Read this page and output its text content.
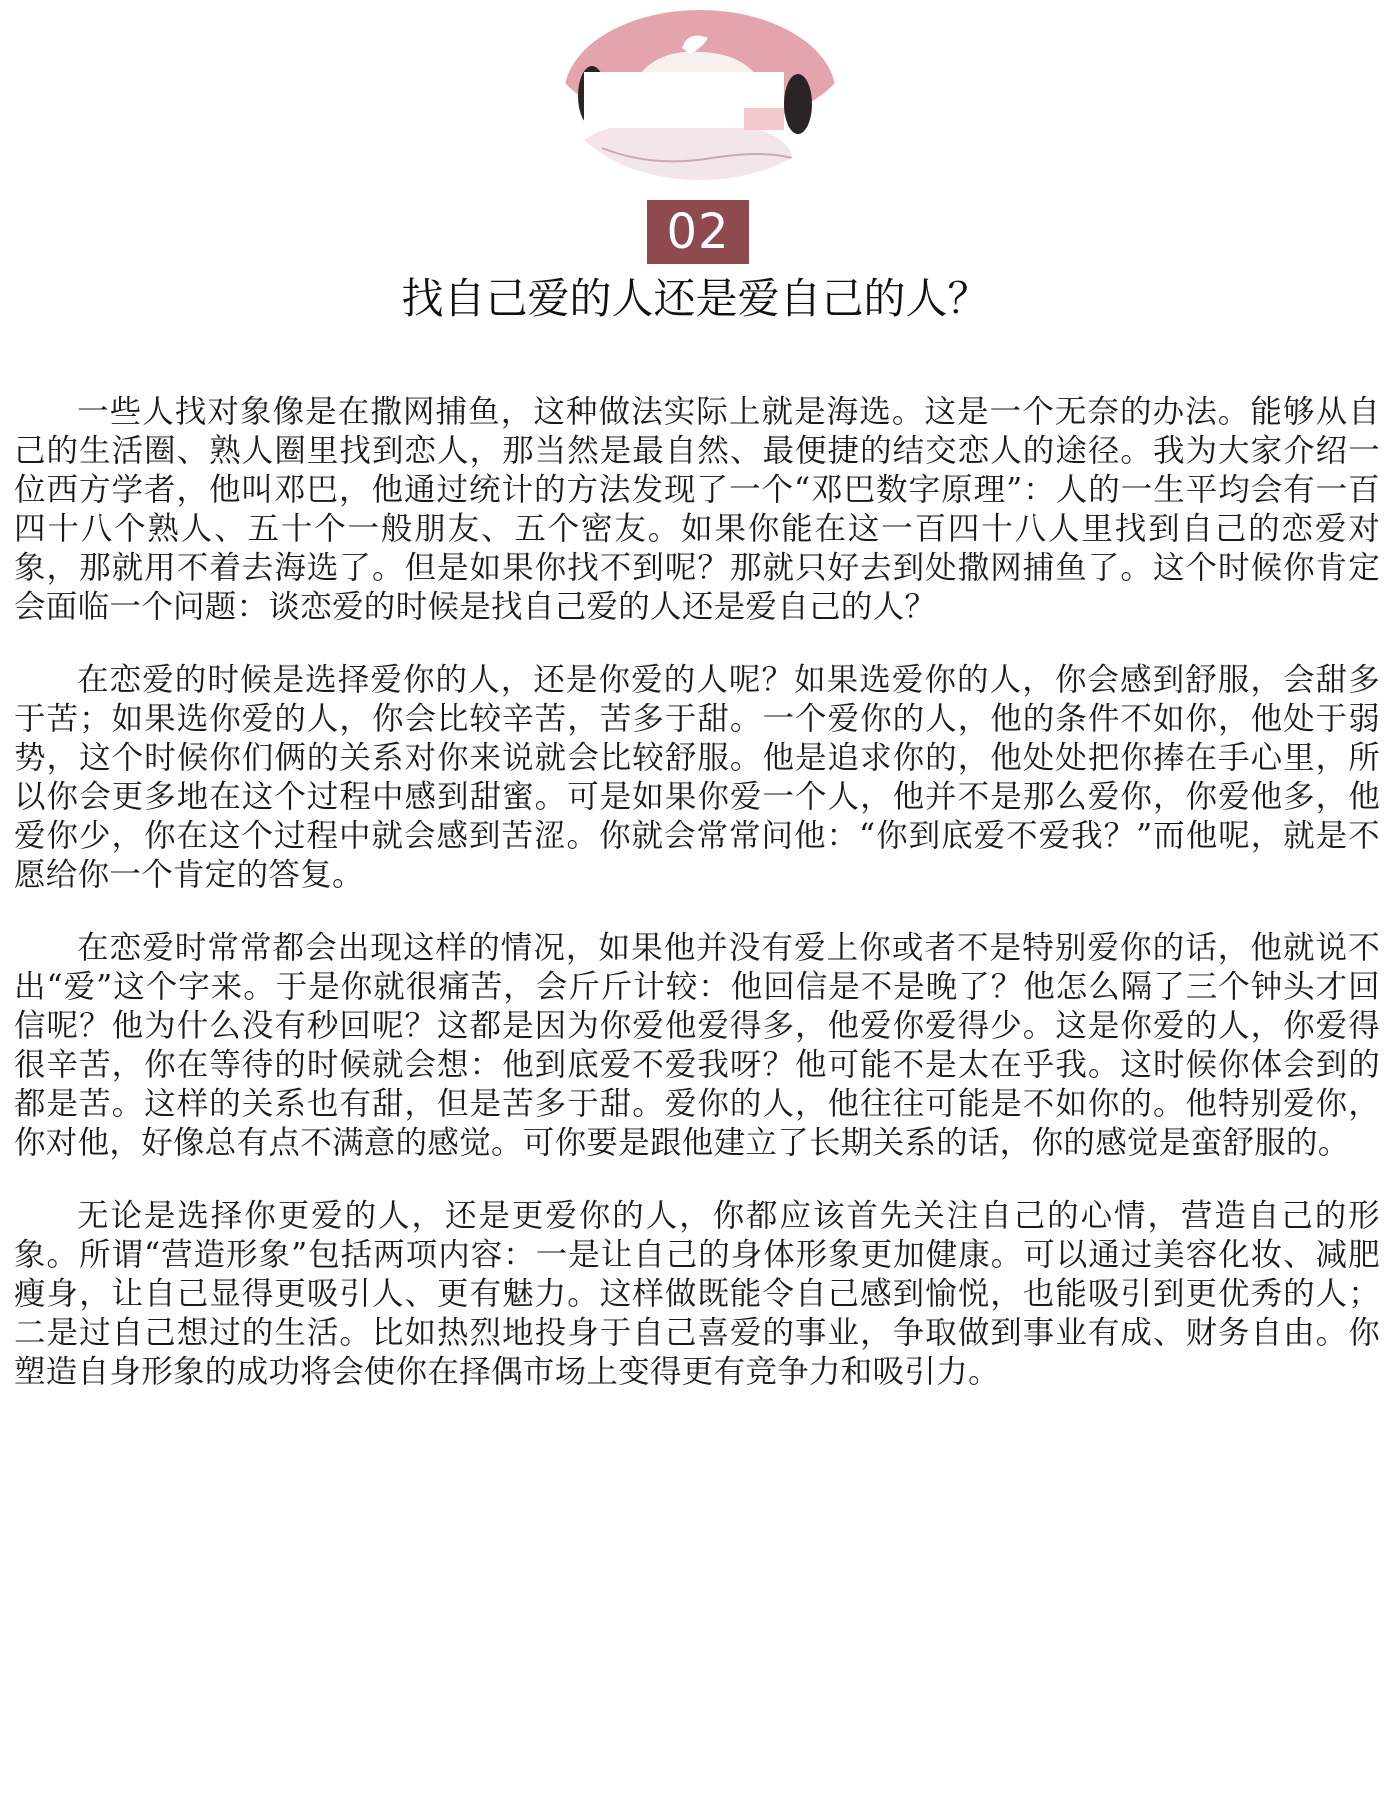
02
找自己爱的人还是爱自己的人？

一些人找对象像是在撒网捕鱼，这种做法实际上就是海选。这是一个无奈的办法。能够从自己的生活圈、熟人圈里找到恋人，那当然是最自然、最便捷的结交恋人的途径。我为大家介绍一位西方学者，他叫邓巴，他通过统计的方法发现了一个“邓巴数字原理”：人的一生平均会有一百四十八个熟人、五十个一般朋友、五个密友。如果你能在这一百四十八人里找到自己的恋爱对象，那就用不着去海选了。但是如果你找不到呢？那就只好去到处撒网捕鱼了。这个时候你肯定会面临一个问题：谈恋爱的时候是找自己爱的人还是爱自己的人？

在恋爱的时候是选择爱你的人，还是你爱的人呢？如果选爱你的人，你会感到舒服，会甜多于苦；如果选你爱的人，你会比较辛苦，苦多于甜。一个爱你的人，他的条件不如你，他处于弱势，这个时候你们俩的关系对你来说就会比较舒服。他是追求你的，他处处把你捧在手心里，所以你会更多地在这个过程中感到甜蜜。可是如果你爱一个人，他并不是那么爱你，你爱他多，他爱你少，你在这个过程中就会感到苦涩。你就会常常问他：“你到底爱不爱我？”而他呢，就是不愿给你一个肯定的答复。

在恋爱时常常都会出现这样的情况，如果他并没有爱上你或者不是特别爱你的话，他就说不出“爱”这个字来。于是你就很痛苦，会斤斤计较：他回信是不是晚了？他怎么隔了三个钟头才回信呢？他为什么没有秒回呢？这都是因为你爱他爱得多，他爱你爱得少。这是你爱的人，你爱得很辛苦，你在等待的时候就会想：他到底爱不爱我呀？他可能不是太在乎我。这时候你体会到的都是苦。这样的关系也有甜，但是苦多于甜。爱你的人，他往往可能是不如你的。他特别爱你，你对他，好像总有点不满意的感觉。可你要是跟他建立了长期关系的话，你的感觉是蛮舒服的。

无论是选择你更爱的人，还是更爱你的人，你都应该首先关注自己的心情，营造自己的形象。所谓“营造形象”包括两项内容：一是让自己的身体形象更加健康。可以通过美容化妆、减肥瘦身，让自己显得更吸引人、更有魅力。这样做既能令自己感到愉悦，也能吸引到更优秀的人；二是过自己想过的生活。比如热烈地投身于自己喜爱的事业，争取做到事业有成、财务自由。你塑造自身形象的成功将会使你在择偶市场上变得更有竞争力和吸引力。
